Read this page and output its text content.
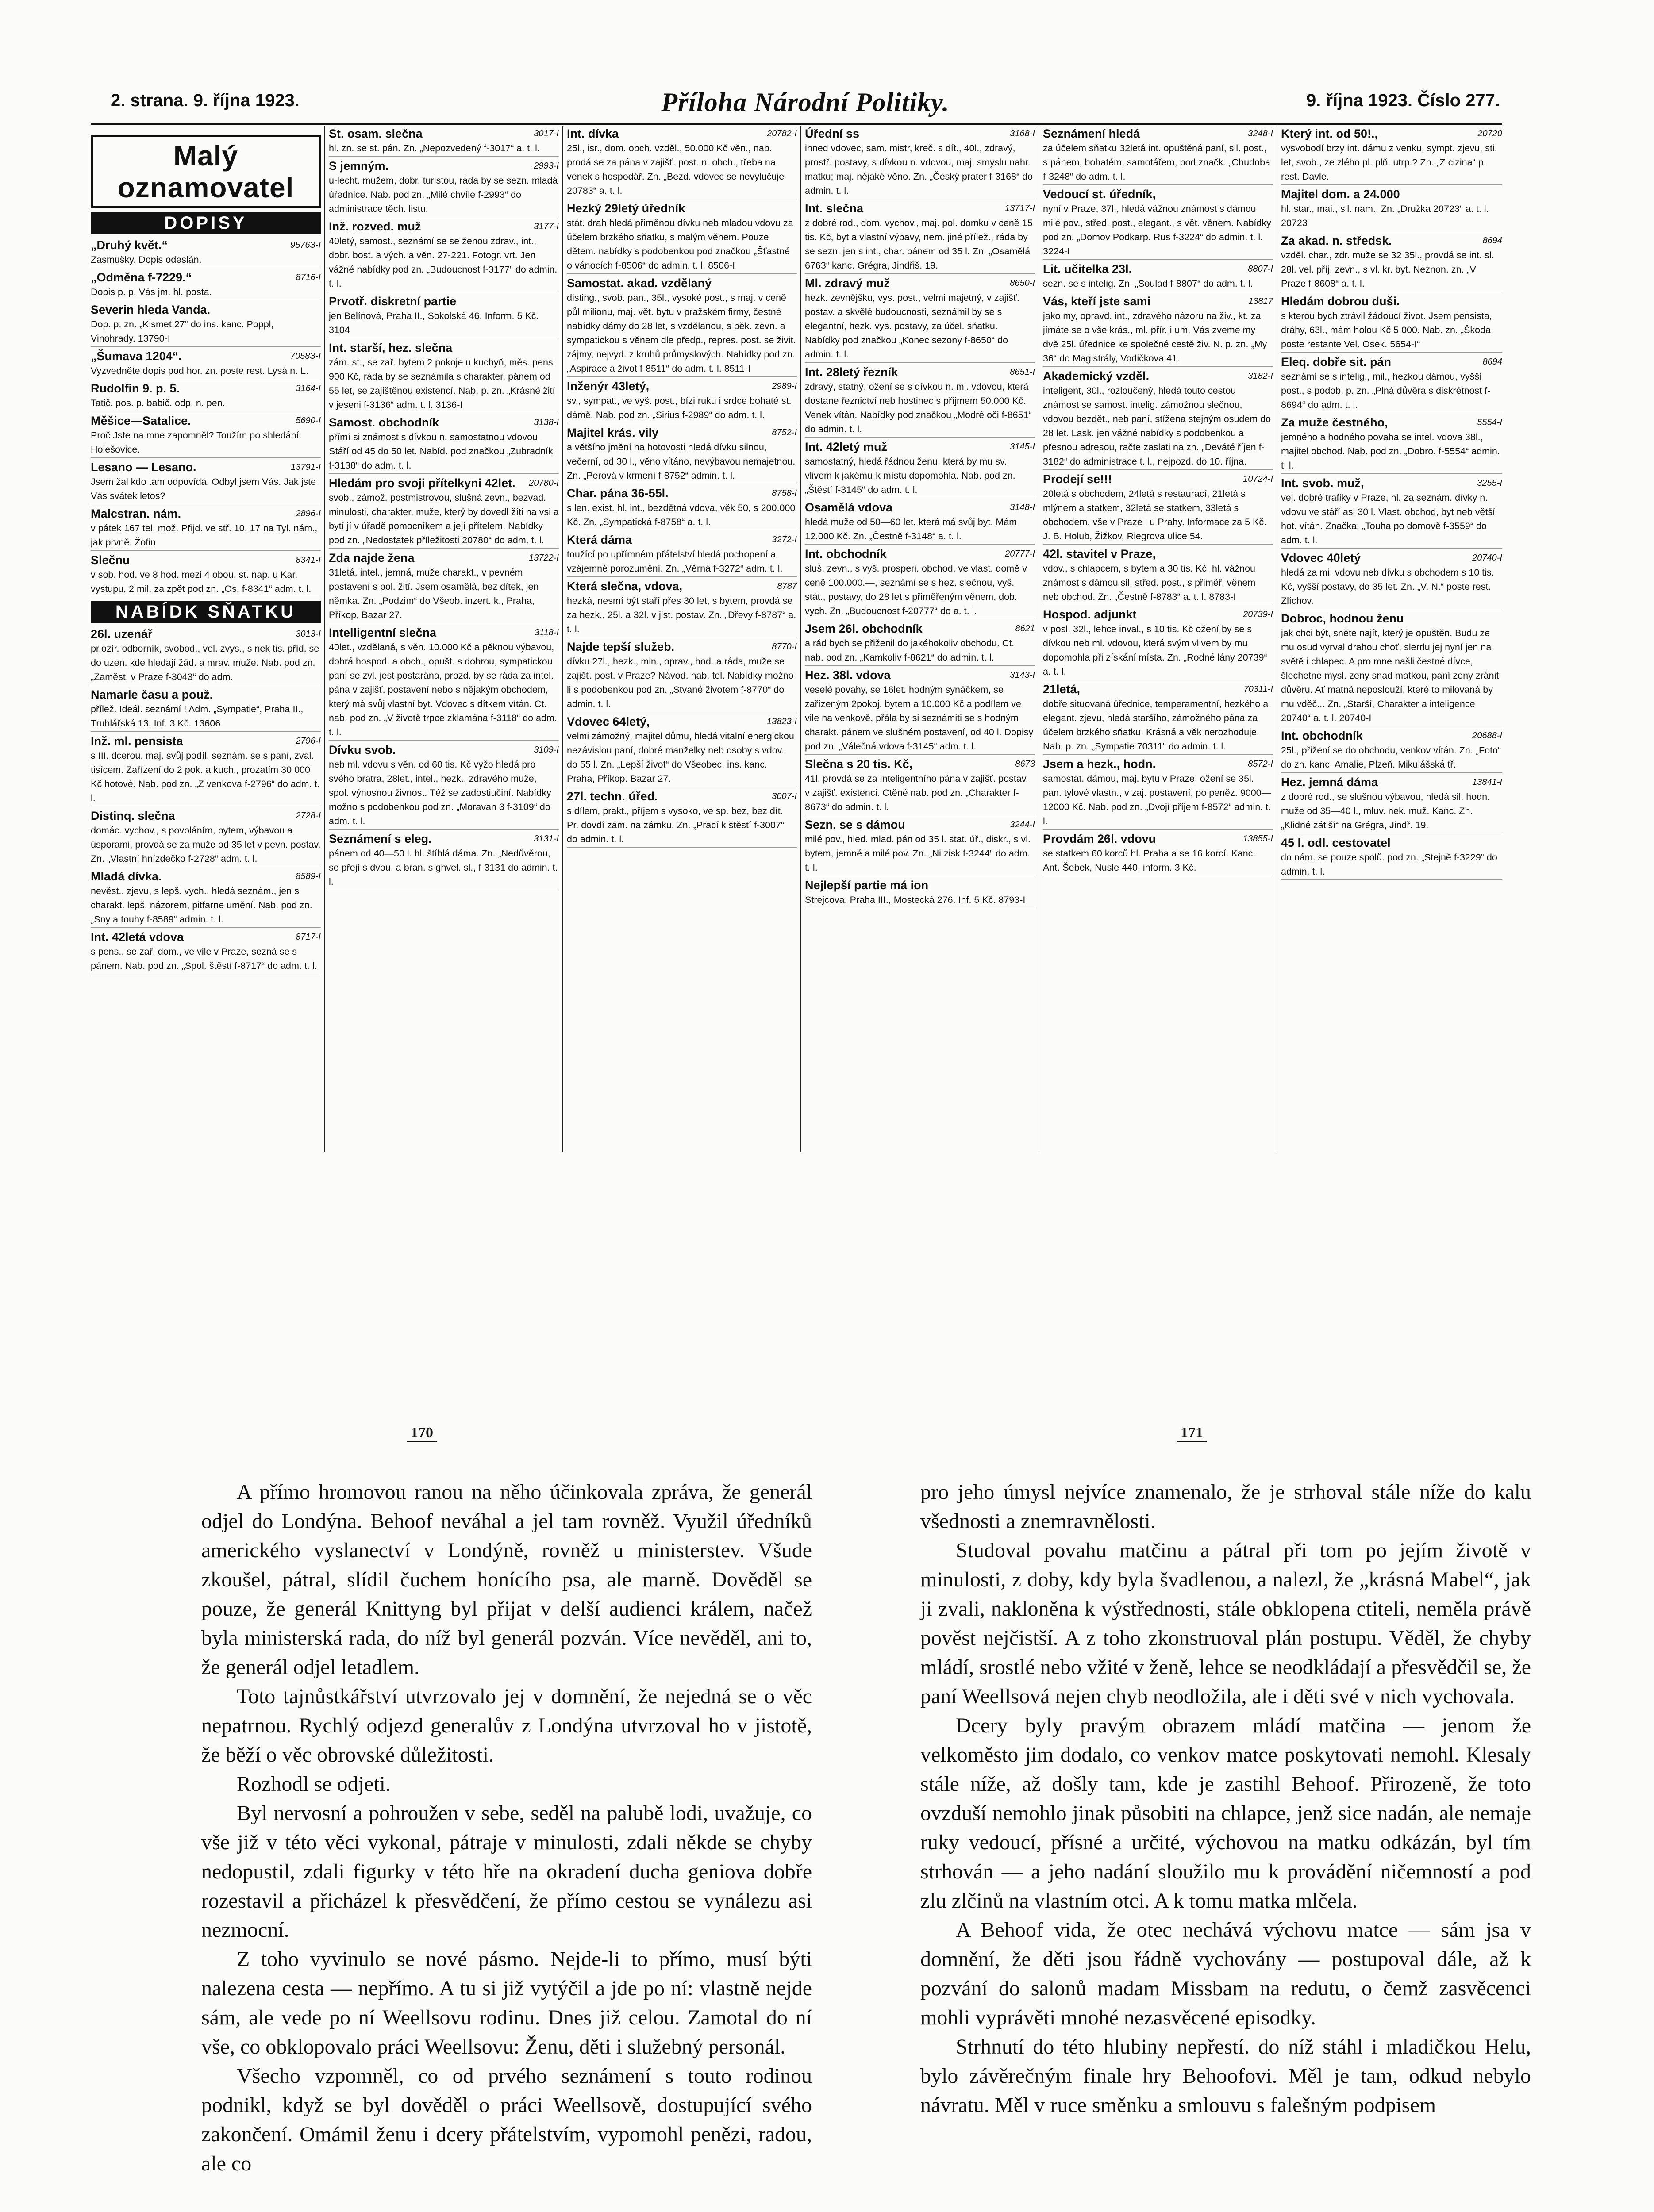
2. strana. 9. října 1923.	Příloha Národní Politiky.	9. října 1923. Číslo 277.
Malý oznamovatel
DOPISY
9576З-I
„Druhý květ.“
Zasmušky. Dopis odeslán.
8716-I
„Odměna f-7229.“
Dopis p. p. Vás jm. hl. posta.
Severin hleda Vanda.
Dop. p. zn. „Kismet 27“ do ins. kanc. Poppl, Vinohrady. 13790-I
7058З-I
„Šumava 1204“.
Vyzvedněte dopis pod hor. zn. poste rest. Lysá n. L.
3164-I
Rudolfin 9. p. 5.
Tatič. pos. p. babič. odp. n. pen.
5690-I
Měšice—Satalice.
Proč Jste na mne zapomněl? Toužím po shledání. Holešovice.
13791-I
Lesano — Lesano.
Jsem žal kdo tam odpovídá. Odbyl jsem Vás. Jak jste Vás svátek letos?
2896-I
Malcstran. nám.
v pátek 167 tel. mož. Přijd. ve stř. 10. 17 na Tyl. nám., jak prvně. Žofin
8341-I
Slečnu
v sob. hod. ve 8 hod. mezi 4 obou. st. nap. u Kar. vystupu, 2 mil. za zpět pod zn. „Os. f-8341“ adm. t. l.
NABÍDK SŇATKU
3013-I
26l. uzenář
pr.ozír. odborník, svobod., vel. zvys., s nek tis. příd. se do uzen. kde hledají žád. a mrav. muže. Nab. pod zn. „Zaměst. v Praze f-3043“ do adm.
Namarle času a použ.
přílež. Ideál. seznámí ! Adm. „Sympatie“, Praha II., Truhlářská 13. Inf. 3 Kč. 13606
2796-I
Inž. ml. pensista
s III. dcerou, maj. svůj podíl, seznám. se s paní, zval. tisícem. Zařízení do 2 pok. a kuch., prozatím 30 000 Kč hotové. Nab. pod zn. „Z venkova f-2796“ do adm. t. l.
2728-I
Distinq. slečna
domác. vychov., s povoláním, bytem, výbavou a úsporami, provdá se za muže od 35 let v pevn. postav. Zn. „Vlastní hnízdečko f-2728“ adm. t. l.
8589-I
Mladá dívka.
nevěst., zjevu, s lepš. vych., hledá seznám., jen s charakt. lepš. názorem, pitfarne umění. Nab. pod zn. „Sny a touhy f-8589“ admin. t. l.
8717-I
Int. 42letá vdova
s pens., se zař. dom., ve vile v Praze, sezná se s pánem. Nab. pod zn. „Spol. štěstí f-8717“ do adm. t. l.
3017-I
St. osam. slečna
hl. zn. se st. pán. Zn. „Nepozvedený f-3017“ a. t. l.
2993-I
S jemným.
u-lecht. mužem, dobr. turistou, ráda by se sezn. mladá úřednice. Nab. pod zn. „Milé chvíle f-2993“ do administrace těch. listu.
3177-I
Inž. rozved. muž
40letý, samost., seznámí se se ženou zdrav., int., dobr. bost. a vých. a věn. 27-221. Fotogr. vrt. Jen vážné nabídky pod zn. „Budoucnost f-3177“ do admin. t. l.
Prvotř. diskretní partie
jen Belínová, Praha II., Sokolská 46. Inform. 5 Kč. 3104
Int. starší, hez. slečna
zám. st., se zař. bytem 2 pokoje u kuchyň, měs. pensi 900 Kč, ráda by se seznámila s charakter. pánem od 55 let, se zajištěnou existencí. Nab. p. zn. „Krásné žití v jeseni f-3136“ adm. t. l. 3136-I
3138-I
Samost. obchodník
přímí si známost s dívkou n. samostatnou vdovou. Stáří od 45 do 50 let. Nabíd. pod značkou „Zubradník f-3138“ do adm. t. l.
20780-I
Hledám pro svoji přítelkyni 42let.
svob., zámož. postmistrovou, slušná zevn., bezvad. minulosti, charakter, muže, který by dovedl žíti na vsi a bytí jí v úřadě pomocníkem a její přítelem. Nabídky pod zn. „Nedostatek příležitosti 20780“ do adm. t. l.
13722-I
Zda najde žena
31letá, intel., jemná, muže charakt., v pevném postavení s pol. žití. Jsem osamělá, bez dítek, jen němka. Zn. „Podzim“ do Všeob. inzert. k., Praha, Příkop, Bazar 27.
3118-I
Intelligentní slečna
40let., vzdělaná, s věn. 10.000 Kč a pěknou výbavou, dobrá hospod. a obch., opušt. s dobrou, sympatickou paní se zvl. jest postarána, prozd. by se ráda za intel. pána v zajišť. postavení nebo s nějakým obchodem, který má svůj vlastní byt. Vdovec s dítkem vítán. Ct. nab. pod zn. „V životě trpce zklamána f-3118“ do adm. t. l.
3109-I
Dívku svob.
neb ml. vdovu s věn. od 60 tis. Kč vyžo hledá pro svého bratra, 28let., intel., hezk., zdravého muže, spol. výnosnou živnost. Též se zadostiučiní. Nabídky možno s podobenkou pod zn. „Moravan 3 f-3109“ do adm. t. l.
3131-I
Seznámení s eleg.
pánem od 40—50 l. hl. štíhlá dáma. Zn. „Nedůvěrou, se přejí s dvou. a bran. s ghvel. sl., f-3131 do admin. t. l.
20782-I
Int. dívka
25l., isr., dom. obch. vzděl., 50.000 Kč věn., nab. prodá se za pána v zajišť. post. n. obch., třeba na venek s hospodář. Zn. „Bezd. vdovec se nevylučuje 20783“ a. t. l.
Hezký 29letý úředník
stát. drah hledá přiměnou dívku neb mladou vdovu za účelem brzkého sňatku, s malým věnem. Pouze dětem. nabídky s podobenkou pod značkou „Šťastné o vánocích f-8506“ do admin. t. l. 8506-I
Samostat. akad. vzdělaný
disting., svob. pan., 35l., vysoké post., s maj. v ceně půl milionu, maj. vět. bytu v pražském firmy, čestné nabídky dámy do 28 let, s vzdělanou, s pěk. zevn. a sympatickou s věnem dle předp., repres. post. se živit. zájmy, nejvyd. z kruhů průmyslových. Nabídky pod zn. „Aspirace a život f-8511“ do adm. t. l. 8511-I
2989-I
Inženýr 43letý,
sv., sympat., ve vyš. post., bízi ruku i srdce bohaté st. dámě. Nab. pod zn. „Sirius f-2989“ do adm. t. l.
8752-I
Majitel krás. vily
a většího jmění na hotovosti hledá dívku silnou, večerní, od 30 l., věno vítáno, nevýbavou nemajetnou. Zn. „Perová v krmení f-8752“ admin. t. l.
8758-I
Char. pána 36-55l.
s len. exist. hl. int., bezdětná vdova, věk 50, s 200.000 Kč. Zn. „Sympatická f-8758“ a. t. l.
3272-I
Která dáma
toužící po upřímném přátelství hledá pochopení a vzájemné porozumění. Zn. „Věrná f-3272“ adm. t. l.
8787
Která slečna, vdova,
hezká, nesmí být staří přes 30 let, s bytem, provdá se za hezk., 25l. a 32l. v jist. postav. Zn. „Dřevy f-8787“ a. t. l.
8770-I
Najde tepší služeb.
dívku 27l., hezk., min., oprav., hod. a ráda, muže se zajišť. post. v Praze? Návod. nab. tel. Nabídky možno-li s podobenkou pod zn. „Stvané životem f-8770“ do admin. t. l.
13823-I
Vdovec 64letý,
velmi zámožný, majitel důmu, hledá vitalní energickou nezávislou paní, dobré manželky neb osoby s vdov. do 55 l. Zn. „Lepší život“ do Všeobec. ins. kanc. Praha, Příkop. Bazar 27.
3007-I
27l. techn. úřed.
s dílem, prakt., příjem s vysoko, ve sp. bez, bez dít. Pr. dovdí zám. na zámku. Zn. „Prací k štěstí f-3007“ do admin. t. l.
3168-I
Úřední ss
ihned vdovec, sam. mistr, kreč. s dít., 40l., zdravý, prostř. postavy, s dívkou n. vdovou, maj. smyslu nahr. matku; maj. nějaké věno. Zn. „Český prater f-3168“ do admin. t. l.
13717-I
Int. slečna
z dobré rod., dom. vychov., maj. pol. domku v ceně 15 tis. Kč, byt a vlastní výbavy, nem. jiné přílež., ráda by se sezn. jen s int., char. pánem od 35 l. Zn. „Osamělá 6763“ kanc. Grégra, Jindřiš. 19.
8650-I
Ml. zdravý muž
hezk. zevnějšku, vys. post., velmi majetný, v zajišť. postav. a skvělé budoucnosti, seznámil by se s elegantní, hezk. vys. postavy, za účel. sňatku. Nabídky pod značkou „Konec sezony f-8650“ do admin. t. l.
8651-I
Int. 28letý řezník
zdravý, statný, ožení se s dívkou n. ml. vdovou, která dostane řeznictví neb hostinec s příjmem 50.000 Kč. Venek vítán. Nabídky pod značkou „Modré oči f-8651“ do admin. t. l.
3145-I
Int. 42letý muž
samostatný, hledá řádnou ženu, která by mu sv. vlivem k jakému-k místu dopomohla. Nab. pod zn. „Štěstí f-3145“ do adm. t. l.
3148-I
Osamělá vdova
hledá muže od 50—60 let, která má svůj byt. Mám 12.000 Kč. Zn. „Čestně f-3148“ a. t. l.
20777-I
Int. obchodník
sluš. zevn., s vyš. prosperi. obchod. ve vlast. domě v ceně 100.000.—, seznámí se s hez. slečnou, vyš. stát., postavy, do 28 let s přiměřeným věnem, dob. vych. Zn. „Budoucnost f-20777“ do a. t. l.
8621
Jsem 26l. obchodník
a rád bych se přiženil do jakéhokoliv obchodu. Ct. nab. pod zn. „Kamkoliv f-8621“ do admin. t. l.
3143-I
Hez. 38l. vdova
veselé povahy, se 16let. hodným synáčkem, se zařízeným 2pokoj. bytem a 10.000 Kč a podílem ve vile na venkově, přála by si seznámiti se s hodným charakt. pánem ve slušném postavení, od 40 l. Dopisy pod zn. „Válečná vdova f-3145“ adm. t. l.
8673
Slečna s 20 tis. Kč,
41l. provdá se za inteligentního pána v zajišť. postav. v zajišť. existenci. Ctěné nab. pod zn. „Charakter f-8673“ do admin. t. l.
3244-I
Sezn. se s dámou
milé pov., hled. mlad. pán od 35 l. stat. úř., diskr., s vl. bytem, jemné a milé pov. Zn. „Ni zisk f-3244“ do adm. t. l.
Nejlepší partie má ion
Strejcova, Praha III., Mostecká 276. Inf. 5 Kč. 8793-I
3248-I
Seznámení hledá
za účelem sňatku 32letá int. opuštěná paní, sil. post., s pánem, bohatém, samotářem, pod značk. „Chudoba f-3248“ do adm. t. l.
Vedoucí st. úředník,
nyní v Praze, 37l., hledá vážnou známost s dámou milé pov., střed. post., elegant., s vět. věnem. Nabídky pod zn. „Domov Podkarp. Rus f-3224“ do admin. t. l. 3224-I
8807-I
Lit. učitelka 23l.
sezn. se s intelig. Zn. „Soulad f-8807“ do adm. t. l.
13817
Vás, kteří jste sami
jako my, opravd. int., zdravého názoru na živ., kt. za jímáte se o vše krás., ml. přír. i um. Vás zveme my dvě 25l. úřednice ke společné cestě živ. N. p. zn. „My 36“ do Magistrály, Vodičkova 41.
3182-I
Akademický vzděl.
inteligent, 30l., rozloučený, hledá touto cestou známost se samost. intelig. zámožnou slečnou, vdovou bezdět., neb paní, stížena stejným osudem do 28 let. Lask. jen vážné nabídky s podobenkou a přesnou adresou, račte zaslati na zn. „Deváté říjen f-3182“ do administrace t. l., nejpozd. do 10. října.
10724-I
Prodejí se!!!
20letá s obchodem, 24letá s restaurací, 21letá s mlýnem a statkem, 32letá se statkem, 33letá s obchodem, vše v Praze i u Prahy. Informace za 5 Kč. J. B. Holub, Žižkov, Riegrova ulice 54.
42l. stavitel v Praze,
vdov., s chlapcem, s bytem a 30 tis. Kč, hl. vážnou známost s dámou sil. střed. post., s přiměř. věnem neb obchod. Zn. „Čestně f-8783“ a. t. l. 8783-I
20739-I
Hospod. adjunkt
v posl. 32l., lehce inval., s 10 tis. Kč ožení by se s dívkou neb ml. vdovou, která svým vlivem by mu dopomohla při získání místa. Zn. „Rodné lány 20739“ a. t. l.
70311-I
21letá,
dobře situovaná úřednice, temperamentní, hezkého a elegant. zjevu, hledá staršího, zámožného pána za účelem brzkého sňatku. Krásná a věk nerozhoduje. Nab. p. zn. „Sympatie 70311“ do admin. t. l.
8572-I
Jsem a hezk., hodn.
samostat. dámou, maj. bytu v Praze, ožení se 35l. pan. tylové vlastn., v zaj. postavení, po peněz. 9000—12000 Kč. Nab. pod zn. „Dvojí příjem f-8572“ admin. t. l.
13855-I
Provdám 26l. vdovu
se statkem 60 korců hl. Praha a se 16 korcí. Kanc. Ant. Šebek, Nusle 440, inform. 3 Kč.
20720
Který int. od 50!.,
vysvobodí brzy int. dámu z venku, sympt. zjevu, sti. let, svob., ze zlého pl. plň. utrp.? Zn. „Z cizina“ p. rest. Davle.
Majitel dom. a 24.000
hl. star., mai., sil. nam., Zn. „Družka 20723“ a. t. l. 20723
8694
Za akad. n. středsk.
vzděl. char., zdr. muže se 32 35l., provdá se int. sl. 28l. vel. příj. zevn., s vl. kr. byt. Neznon. zn. „V Praze f-8608“ a. t. l.
Hledám dobrou duši.
s kterou bych ztrávil žádoucí život. Jsem pensista, dráhy, 63l., mám holou Kč 5.000. Nab. zn. „Škoda, poste restante Vel. Osek. 5654-I“
8694
Eleq. dobře sit. pán
seznámí se s intelig., mil., hezkou dámou, vyšší post., s podob. p. zn. „Plná důvěra s diskrétnost f-8694“ do adm. t. l.
5554-I
Za muže čestného,
jemného a hodného povaha se intel. vdova 38l., majitel obchod. Nab. pod zn. „Dobro. f-5554“ admin. t. l.
3255-I
Int. svob. muž,
vel. dobré trafiky v Praze, hl. za seznám. dívky n. vdovu ve stáří asi 30 l. Vlast. obchod, byt neb větší hot. vítán. Značka: „Touha po domově f-3559“ do adm. t. l.
20740-I
Vdovec 40letý
hledá za mi. vdovu neb dívku s obchodem s 10 tis. Kč, vyšší postavy, do 35 let. Zn. „V. N.“ poste rest. Zlíchov.
Dobroc, hodnou ženu
jak chci být, sněte najít, který je opuštěn. Budu ze mu osud vyrval drahou choť, slerrlu jej nyní jen na světě i chlapec. A pro mne našli čestné dívce, šlechetné mysl. zeny snad matkou, paní zeny zránit důvěru. Ať matná neposlouží, které to milovaná by mu vděč... Zn. „Starší, Charakter a inteligence 20740“ a. t. l. 20740-I
20688-I
Int. obchodník
25l., přižení se do obchodu, venkov vítán. Zn. „Foto“ do zn. kanc. Amalie, Plzeň. Mikulášská tř.
13841-I
Hez. jemná dáma
z dobré rod., se slušnou výbavou, hledá sil. hodn. muže od 35—40 l., mluv. nek. muž. Kanc. Zn. „Klidné zátiší“ na Grégra, Jindř. 19.
45 l. odl. cestovatel
do nám. se pouze spolů. pod zn. „Stejně f-3229“ do admin. t. l.
170	171

A přímo hromovou ranou na něho účinkovala zpráva, že generál odjel do Londýna. Behoof neváhal a jel tam rovněž. Využil úředníků amerického vyslanectví v Londýně, rovněž u ministerstev. Všude zkoušel, pátral, slídil čuchem honícího psa, ale marně. Dověděl se pouze, že generál Knittyng byl přijat v delší audienci králem, načež byla ministerská rada, do níž byl generál pozván. Více nevěděl, ani to, že generál odjel letadlem.

Toto tajnůstkářství utvrzovalo jej v domnění, že nejedná se o věc nepatrnou. Rychlý odjezd generalův z Londýna utvrzoval ho v jistotě, že běží o věc obrovské důležitosti.

Rozhodl se odjeti.

Byl nervosní a pohroužen v sebe, seděl na palubě lodi, uvažuje, co vše již v této věci vykonal, pátraje v minulosti, zdali někde se chyby nedopustil, zdali figurky v této hře na okradení ducha geniova dobře rozestavil a přicházel k přesvědčení, že přímo cestou se vynálezu asi nezmocní.

Z toho vyvinulo se nové pásmo. Nejde-li to přímo, musí býti nalezena cesta — nepřímo. A tu si již vytýčil a jde po ní: vlastně nejde sám, ale vede po ní Weellsovu rodinu. Dnes již celou. Zamotal do ní vše, co obklopovalo práci Weellsovu: Ženu, děti i služebný personál.

Všecho vzpomněl, co od prvého seznámení s touto rodinou podnikl, když se byl dověděl o práci Weellsově, dostupující svého zakončení. Omámil ženu i dcery přátelstvím, vypomohl penězi, radou, ale co

pro jeho úmysl nejvíce znamenalo, že je strhoval stále níže do kalu všednosti a znemravnělosti.

Studoval povahu matčinu a pátral při tom po jejím životě v minulosti, z doby, kdy byla švadlenou, a nalezl, že „krásná Mabel“, jak ji zvali, nakloněna k výstřednosti, stále obklopena ctiteli, neměla právě pověst nejčistší. A z toho zkonstruoval plán postupu. Věděl, že chyby mládí, srostlé nebo vžité v ženě, lehce se neodkládají a přesvědčil se, že paní Weellsová nejen chyb neodložila, ale i děti své v nich vychovala.

Dcery byly pravým obrazem mládí matčina — jenom že velkoměsto jim dodalo, co venkov matce poskytovati nemohl. Klesaly stále níže, až došly tam, kde je zastihl Behoof. Přirozeně, že toto ovzduší nemohlo jinak působiti na chlapce, jenž sice nadán, ale nemaje ruky vedoucí, přísné a určité, výchovou na matku odkázán, byl tím strhován — a jeho nadání sloužilo mu k provádění ničemností a pod zlu zlčinů na vlastním otci. A k tomu matka mlčela.

A Behoof vida, že otec nechává výchovu matce — sám jsa v domnění, že děti jsou řádně vychovány — postupoval dále, až k pozvání do salonů madam Missbam na redutu, o čemž zasvěcenci mohli vyprávěti mnohé nezasvěcené episodky.

Strhnutí do této hlubiny nepřestí. do níž stáhl i mladičkou Helu, bylo závěrečným finale hry Behoofovi. Měl je tam, odkud nebylo návratu. Měl v ruce směnku a smlouvu s falešným podpisem
